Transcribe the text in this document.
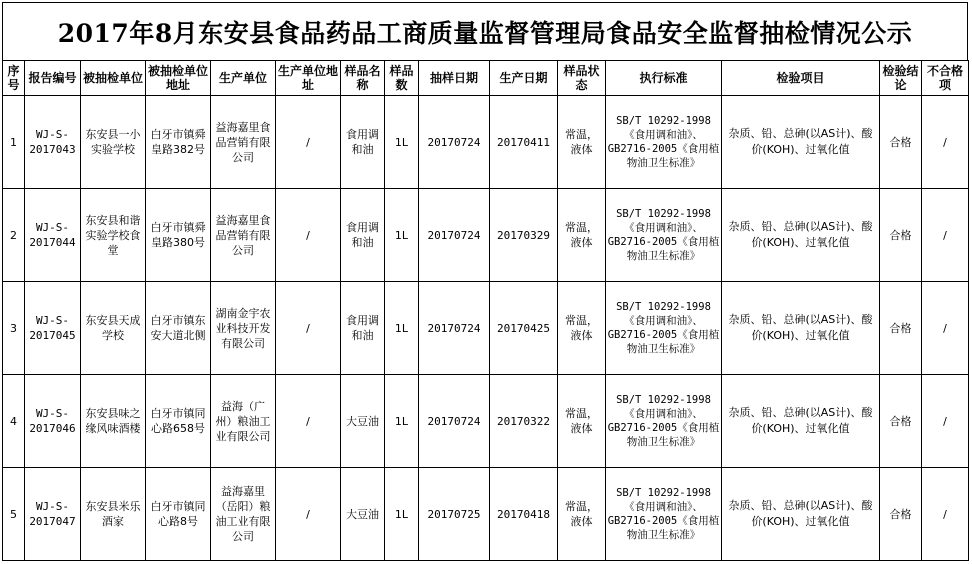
2017年8月东安县食品药品工商质量监督管理局食品安全监督抽检情况公示
序号	报告编号	被抽检单位	被抽检单位地址	生产单位	生产单位地址	样品名称	样品数	抽样日期	生产日期	样品状态	执行标准	检验项目	检验结论	不合格项
1	WJ-S-2017043	东安县一小实验学校	白牙市镇舜皇路382号	益海嘉里食品营销有限公司	/	食用调和油	1L	20170724	20170411	常温，液体	SB/T 10292-1998《食用调和油》、GB2716-2005《食用植物油卫生标准》	杂质、铅、总砷(以AS计)、酸价(KOH)、过氧化值	合格	/
2	WJ-S-2017044	东安县和谐实验学校食堂	白牙市镇舜皇路380号	益海嘉里食品营销有限公司	/	食用调和油	1L	20170724	20170329	常温，液体	SB/T 10292-1998《食用调和油》、GB2716-2005《食用植物油卫生标准》	杂质、铅、总砷(以AS计)、酸价(KOH)、过氧化值	合格	/
3	WJ-S-2017045	东安县天成学校	白牙市镇东安大道北侧	湖南金宇农业科技开发有限公司	/	食用调和油	1L	20170724	20170425	常温，液体	SB/T 10292-1998《食用调和油》、GB2716-2005《食用植物油卫生标准》	杂质、铅、总砷(以AS计)、酸价(KOH)、过氧化值	合格	/
4	WJ-S-2017046	东安县味之缘风味酒楼	白牙市镇同心路658号	益海（广州）粮油工业有限公司	/	大豆油	1L	20170724	20170322	常温，液体	SB/T 10292-1998《食用调和油》、GB2716-2005《食用植物油卫生标准》	杂质、铅、总砷(以AS计)、酸价(KOH)、过氧化值	合格	/
5	WJ-S-2017047	东安县米乐酒家	白牙市镇同心路8号	益海嘉里（岳阳）粮油工业有限公司	/	大豆油	1L	20170725	20170418	常温，液体	SB/T 10292-1998《食用调和油》、GB2716-2005《食用植物油卫生标准》	杂质、铅、总砷(以AS计)、酸价(KOH)、过氧化值	合格	/
